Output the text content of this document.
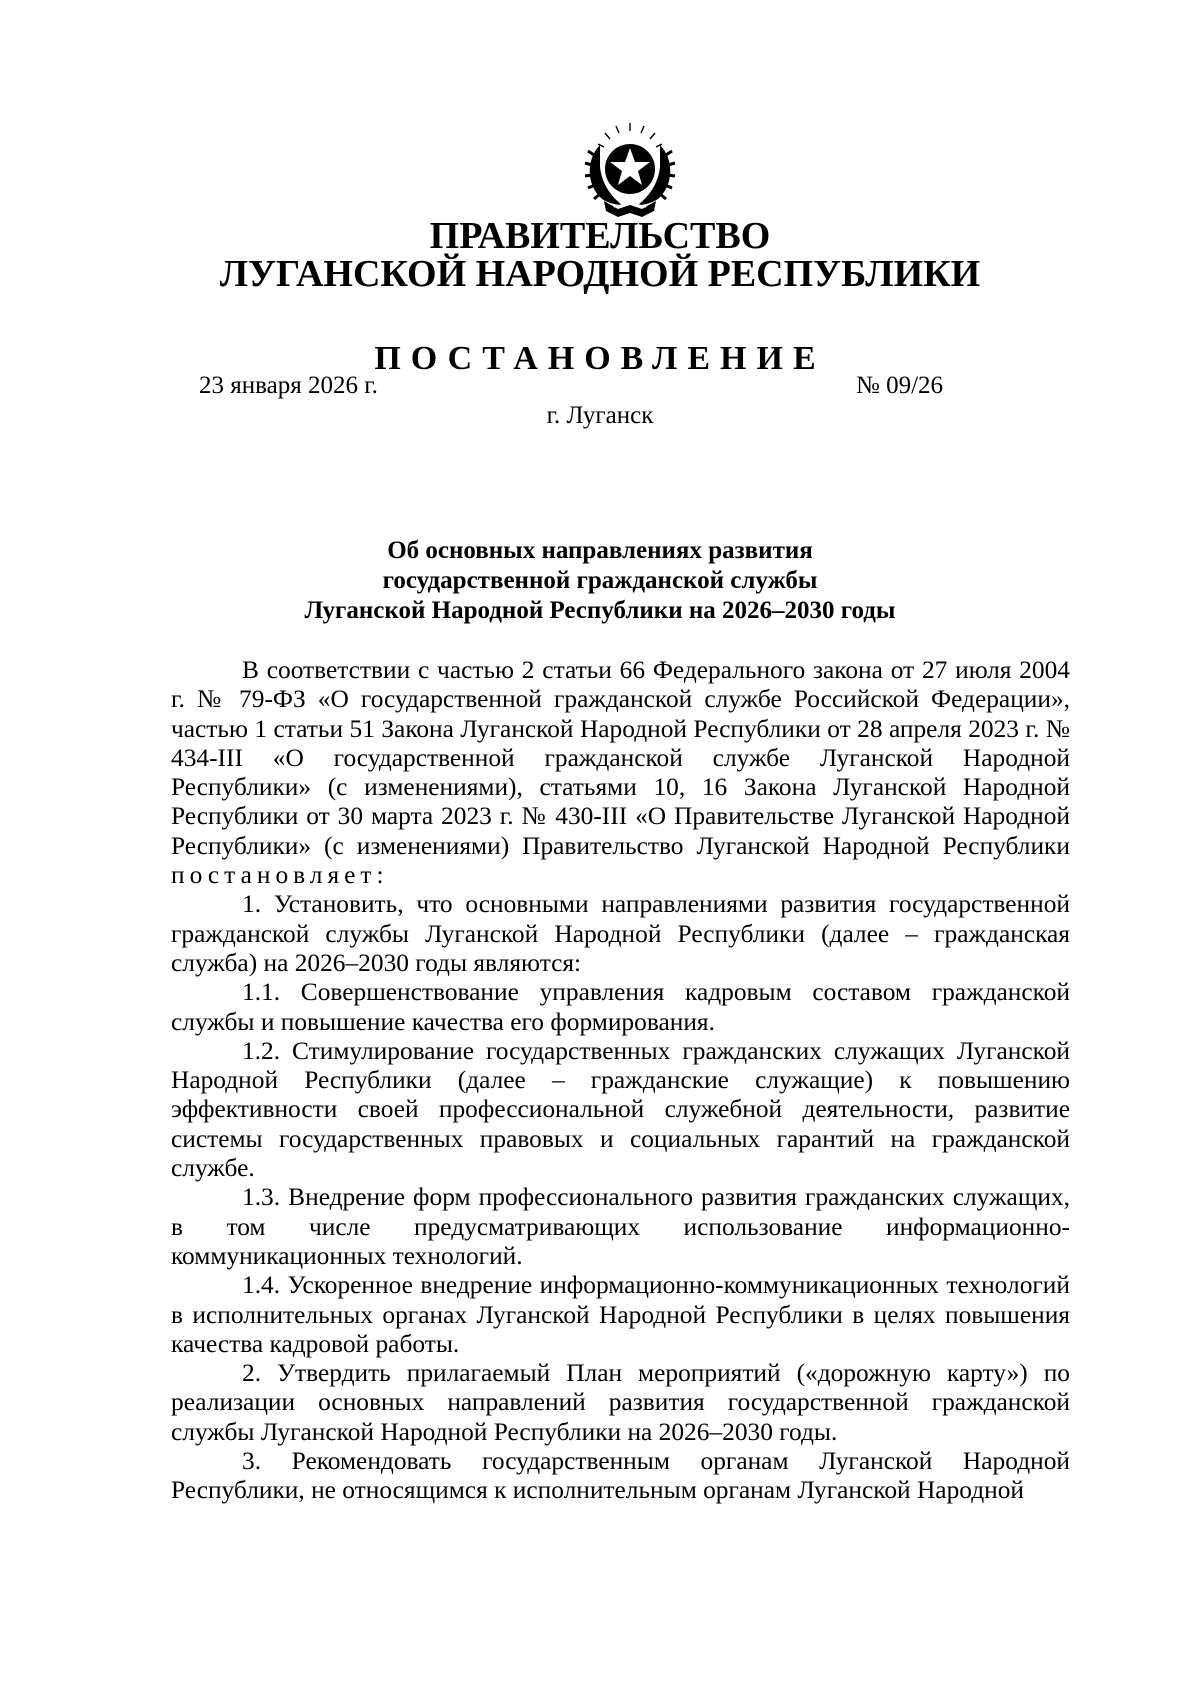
ПРАВИТЕЛЬСТВО
ЛУГАНСКОЙ НАРОДНОЙ РЕСПУБЛИКИ
ПОСТАНОВЛЕНИЕ
23 января 2026 г.	№ 09/26
г. Луганск
Об основных направлениях развития
государственной гражданской службы
Луганской Народной Республики на 2026–2030 годы

В соответствии с частью 2 статьи 66 Федерального закона от 27 июля 2004 г. № 79-ФЗ «О государственной гражданской службе Российской Федерации», частью 1 статьи 51 Закона Луганской Народной Республики от 28 апреля 2023 г. № 434-III «О государственной гражданской службе Луганской Народной Республики» (с изменениями), статьями 10, 16 Закона Луганской Народной Республики от 30 марта 2023 г. № 430-III «О Правительстве Луганской Народной Республики» (с изменениями) Правительство Луганской Народной Республики постановляет:

1. Установить, что основными направлениями развития государственной гражданской службы Луганской Народной Республики (далее – гражданская служба) на 2026–2030 годы являются:

1.1. Совершенствование управления кадровым составом гражданской службы и повышение качества его формирования.

1.2. Стимулирование государственных гражданских служащих Луганской Народной Республики (далее – гражданские служащие) к повышению эффективности своей профессиональной служебной деятельности, развитие системы государственных правовых и социальных гарантий на гражданской службе.

1.3. Внедрение форм профессионального развития гражданских служащих, в том числе предусматривающих использование информационно-коммуникационных технологий.

1.4. Ускоренное внедрение информационно-коммуникационных технологий в исполнительных органах Луганской Народной Республики в целях повышения качества кадровой работы.

2. Утвердить прилагаемый План мероприятий («дорожную карту») по реализации основных направлений развития государственной гражданской службы Луганской Народной Республики на 2026–2030 годы.

3. Рекомендовать государственным органам Луганской Народной Республики, не относящимся к исполнительным органам Луганской Народной
